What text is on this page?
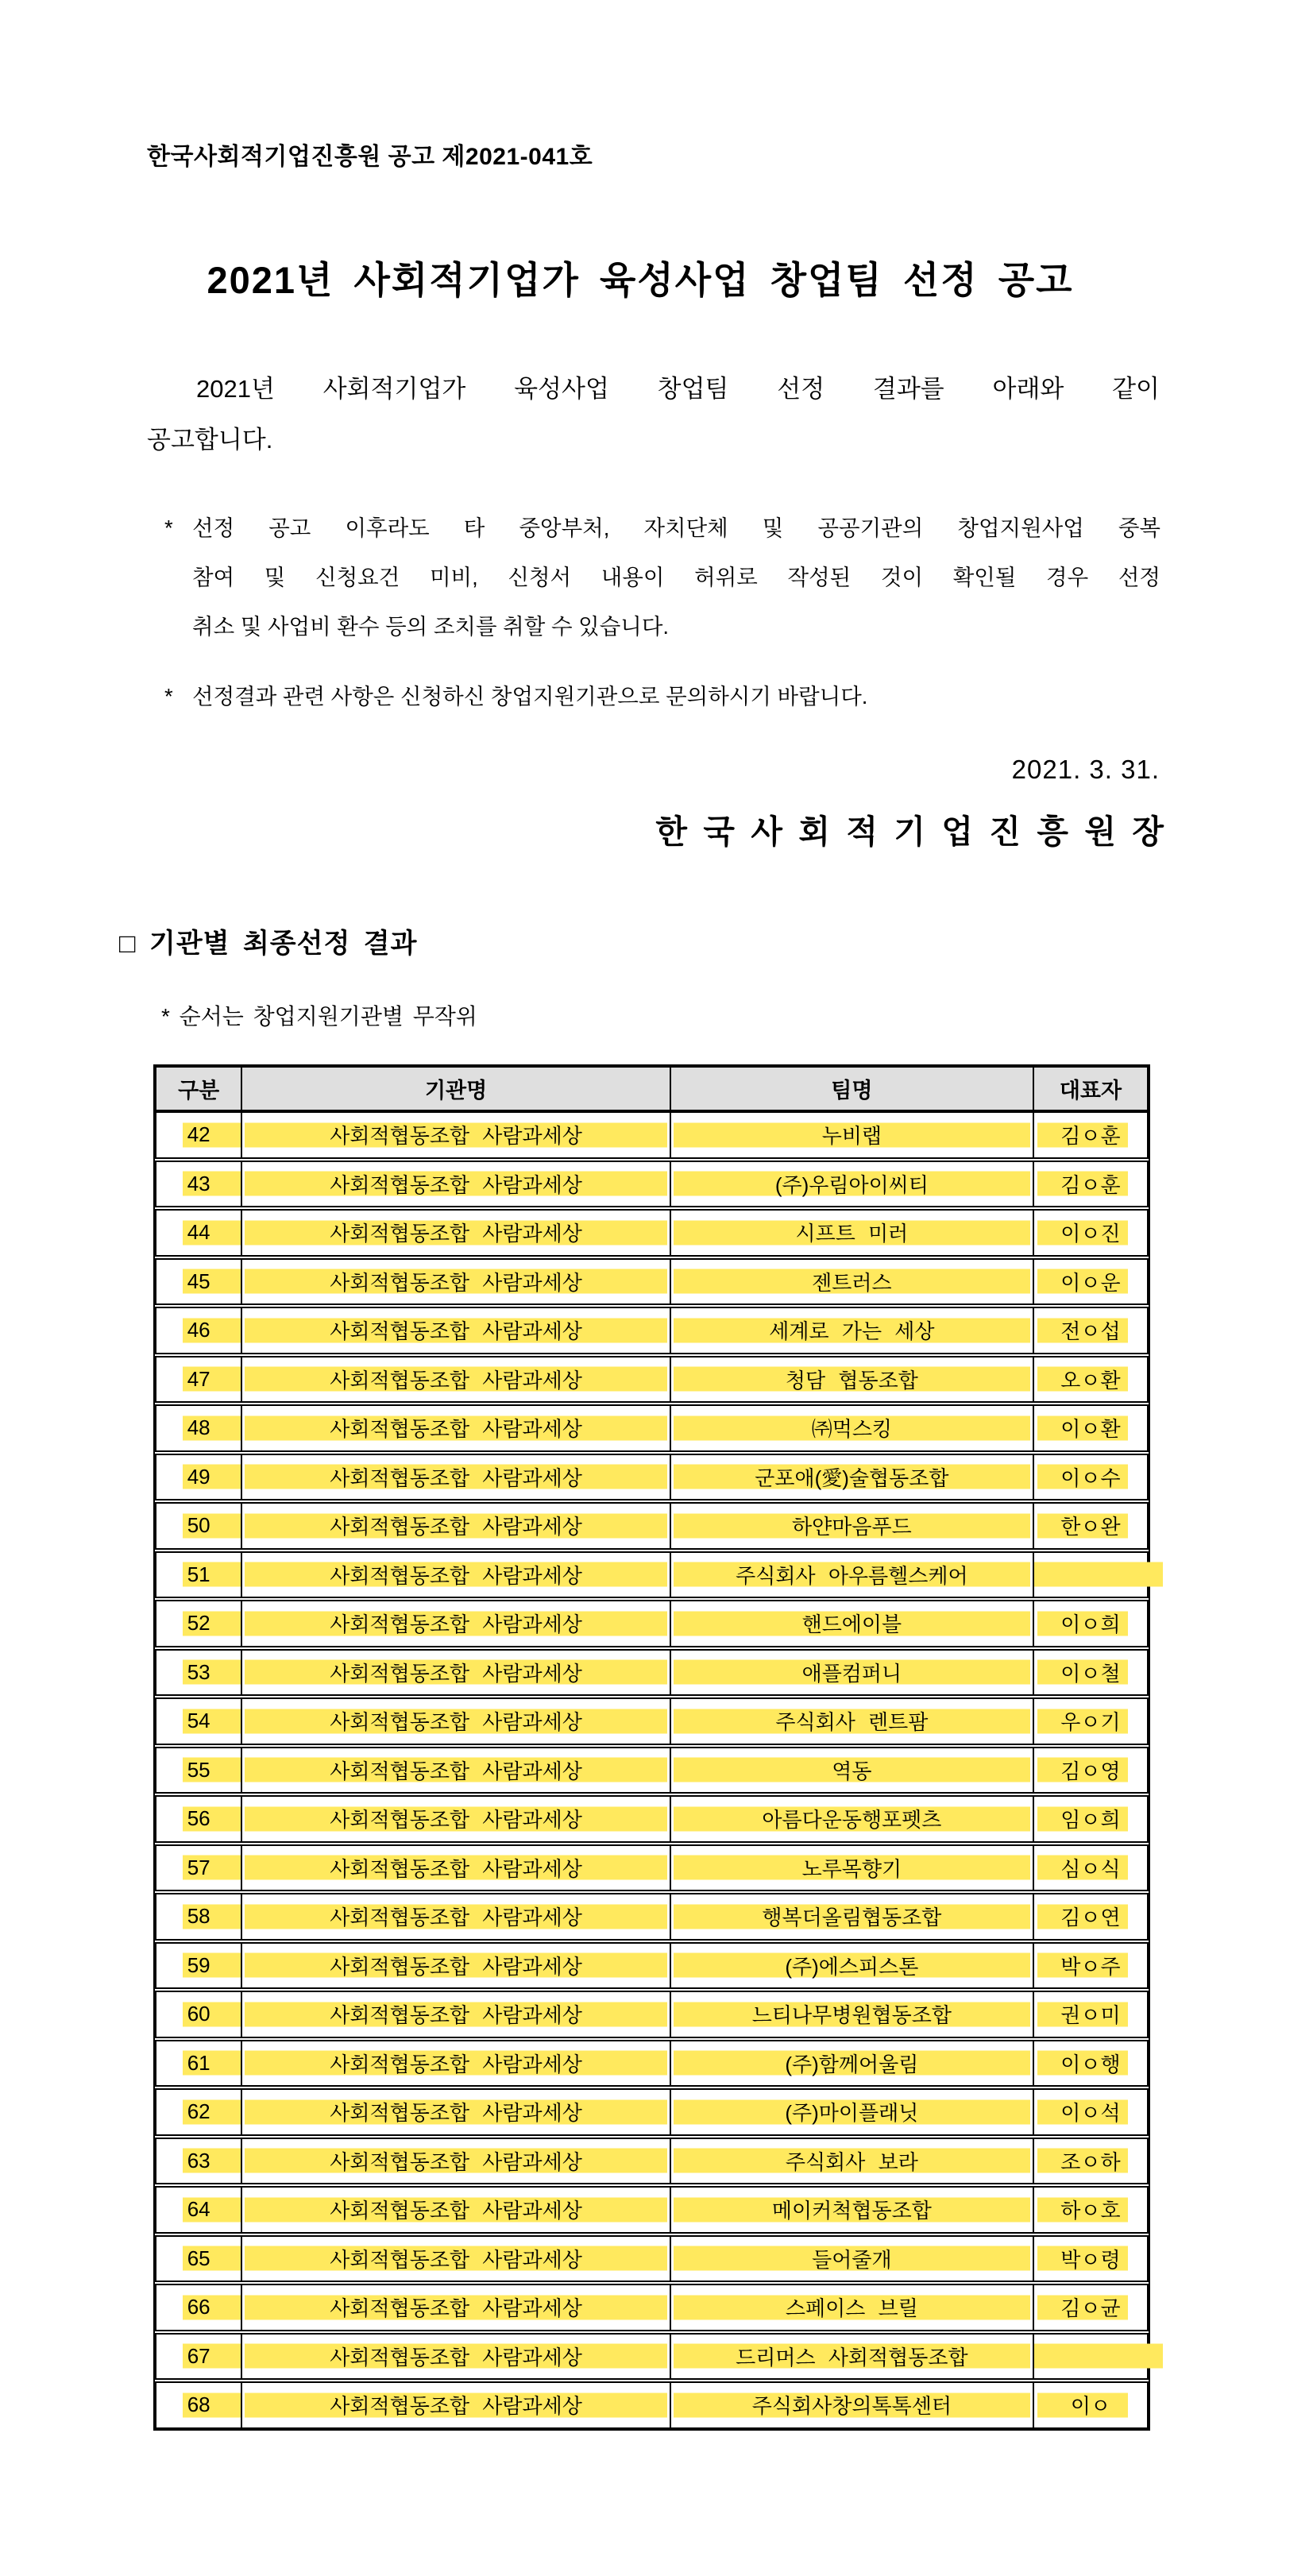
한국사회적기업진흥원 공고 제2021-041호
2021년 사회적기업가 육성사업 창업팀 선정 공고
2021년 사회적기업가 육성사업 창업팀 선정 결과를 아래와 같이
공고합니다.
* 선정 공고 이후라도 타 중앙부처, 자치단체 및 공공기관의 창업지원사업 중복
참여 및 신청요건 미비, 신청서 내용이 허위로 작성된 것이 확인될 경우 선정
취소 및 사업비 환수 등의 조치를 취할 수 있습니다.
* 선정결과 관련 사항은 신청하신 창업지원기관으로 문의하시기 바랍니다.
2021. 3. 31.
한 국 사 회 적 기 업 진 흥 원 장
□ 기관별 최종선정 결과
* 순서는 창업지원기관별 무작위
구분	기관명	팀명	대표자
42	사회적협동조합 사람과세상	누비랩	김ㅇ훈
43	사회적협동조합 사람과세상	(주)우림아이씨티	김ㅇ훈
44	사회적협동조합 사람과세상	시프트 미러	이ㅇ진
45	사회적협동조합 사람과세상	젠트러스	이ㅇ운
46	사회적협동조합 사람과세상	세계로 가는 세상	전ㅇ섭
47	사회적협동조합 사람과세상	청담 협동조합	오ㅇ환
48	사회적협동조합 사람과세상	㈜먹스킹	이ㅇ환
49	사회적협동조합 사람과세상	군포애(愛)술협동조합	이ㅇ수
50	사회적협동조합 사람과세상	하얀마음푸드	한ㅇ완
51	사회적협동조합 사람과세상	주식회사 아우름헬스케어
52	사회적협동조합 사람과세상	핸드에이블	이ㅇ희
53	사회적협동조합 사람과세상	애플컴퍼니	이ㅇ철
54	사회적협동조합 사람과세상	주식회사 렌트팜	우ㅇ기
55	사회적협동조합 사람과세상	역동	김ㅇ영
56	사회적협동조합 사람과세상	아름다운동행포펫츠	임ㅇ희
57	사회적협동조합 사람과세상	노루목향기	심ㅇ식
58	사회적협동조합 사람과세상	행복더올림협동조합	김ㅇ연
59	사회적협동조합 사람과세상	(주)에스피스톤	박ㅇ주
60	사회적협동조합 사람과세상	느티나무병원협동조합	권ㅇ미
61	사회적협동조합 사람과세상	(주)함께어울림	이ㅇ행
62	사회적협동조합 사람과세상	(주)마이플래닛	이ㅇ석
63	사회적협동조합 사람과세상	주식회사 보라	조ㅇ하
64	사회적협동조합 사람과세상	메이커척협동조합	하ㅇ호
65	사회적협동조합 사람과세상	들어줄개	박ㅇ령
66	사회적협동조합 사람과세상	스페이스 브릴	김ㅇ균
67	사회적협동조합 사람과세상	드리머스 사회적협동조합
68	사회적협동조합 사람과세상	주식회사창의톡톡센터	이ㅇ
